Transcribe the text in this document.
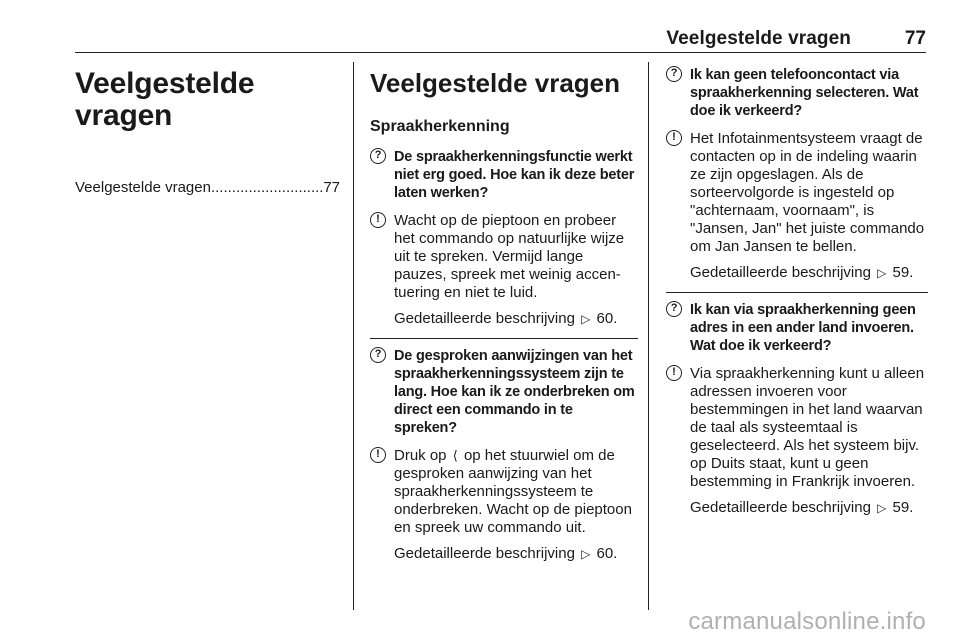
Veelgestelde vragen	77
Veelgestelde vragen
Veelgestelde vragen
.....	77
Veelgestelde vragen
Spraakherkenning
? De spraakherkenningsfunctie werkt niet erg goed. Hoe kan ik deze beter laten werken?
! Wacht op de pieptoon en probeer het commando op natuurlijke wijze uit te spreken. Vermijd lange pauzes, spreek met weinig accentuering en niet te luid.
Gedetailleerde beschrijving ▷ 60.
? De gesproken aanwijzingen van het spraakherkenningssysteem zijn te lang. Hoe kan ik ze onderbreken om direct een commando in te spreken?
! Druk op ⟨ op het stuurwiel om de gesproken aanwijzing van het spraakherkenningssysteem te onderbreken. Wacht op de pieptoon en spreek uw commando uit.
Gedetailleerde beschrijving ▷ 60.
? Ik kan geen telefooncontact via spraakherkenning selecteren. Wat doe ik verkeerd?
! Het Infotainmentsysteem vraagt de contacten op in de indeling waarin ze zijn opgeslagen. Als de sorteervolgorde is ingesteld op "achternaam, voornaam", is "Jansen, Jan" het juiste commando om Jan Jansen te bellen.
Gedetailleerde beschrijving ▷ 59.
? Ik kan via spraakherkenning geen adres in een ander land invoeren. Wat doe ik verkeerd?
! Via spraakherkenning kunt u alleen adressen invoeren voor bestemmingen in het land waarvan de taal als systeemtaal is geselecteerd. Als het systeem bijv. op Duits staat, kunt u geen bestemming in Frankrijk invoeren.
Gedetailleerde beschrijving ▷ 59.
carmanualsonline.info
